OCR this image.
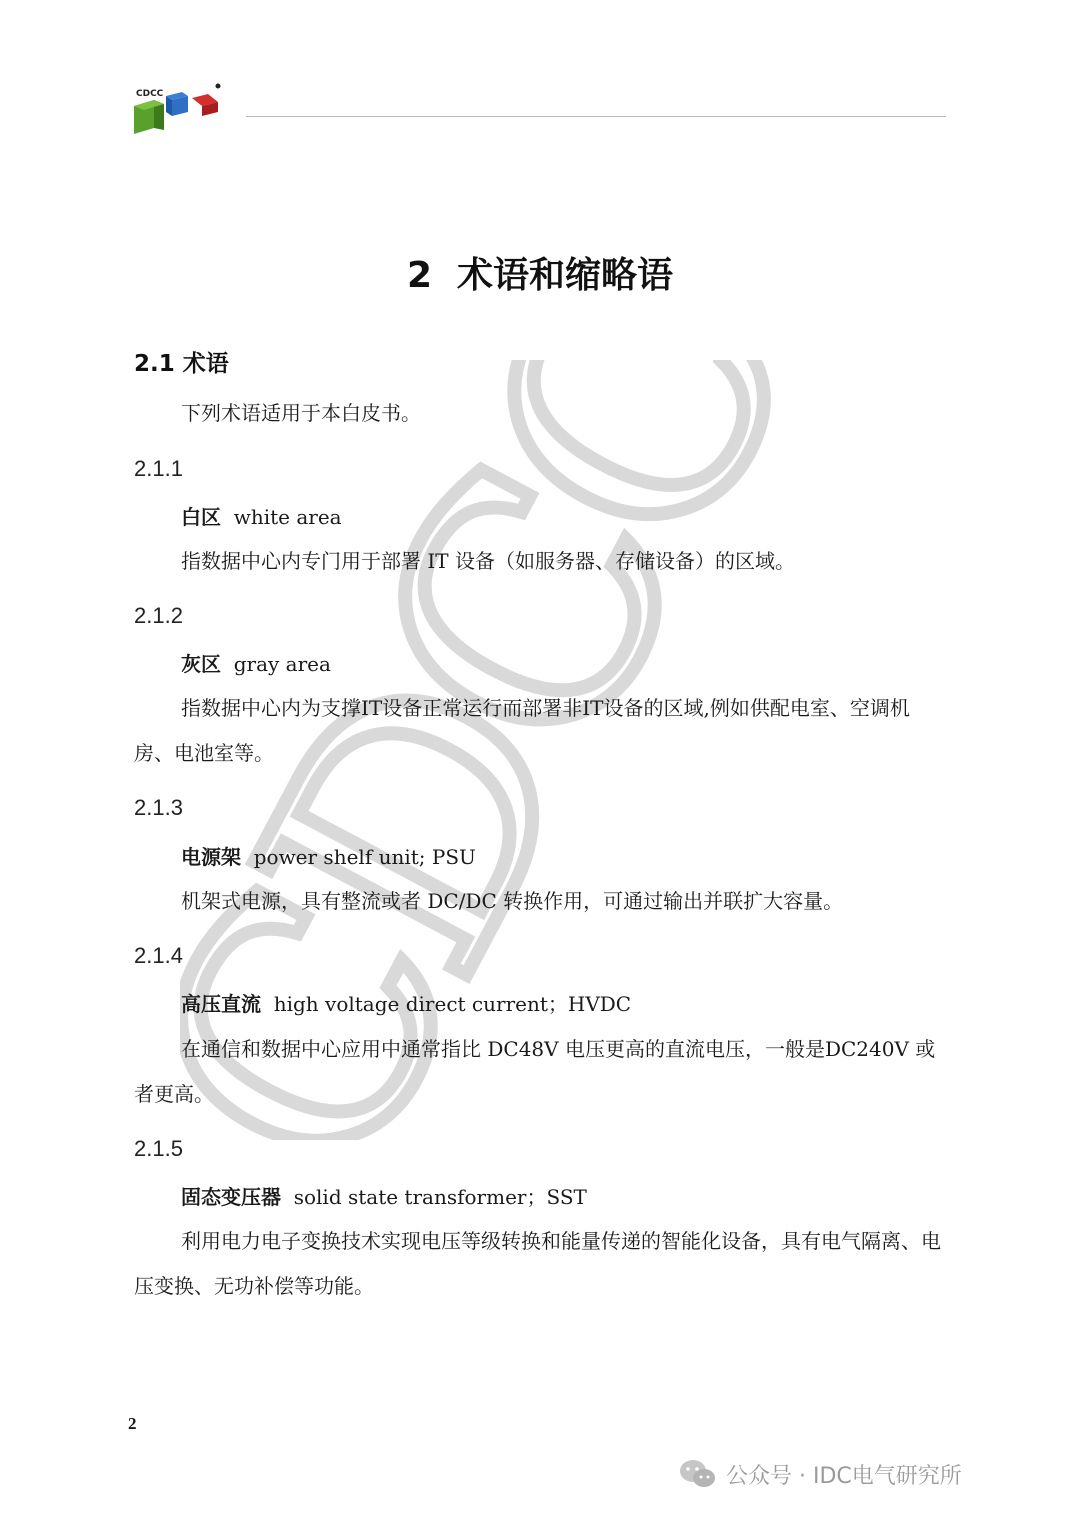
CDCC
CDCC
2  术语和缩略语
2.1 术语

下列术语适用于本白皮书。

2.1.1
白区 white area

指数据中心内专门用于部署 IT 设备（如服务器、存储设备）的区域。

2.1.2
灰区 gray area

指数据中心内为支撑IT设备正常运行而部署非IT设备的区域,例如供配电室、空调机房、电池室等。

2.1.3
电源架 power shelf unit; PSU

机架式电源，具有整流或者 DC/DC 转换作用，可通过输出并联扩大容量。

2.1.4
高压直流 high voltage direct current；HVDC

在通信和数据中心应用中通常指比 DC48V 电压更高的直流电压，一般是DC240V 或者更高。

2.1.5
固态变压器 solid state transformer；SST

利用电力电子变换技术实现电压等级转换和能量传递的智能化设备，具有电气隔离、电压变换、无功补偿等功能。

2
公众号 · IDC电气研究所
